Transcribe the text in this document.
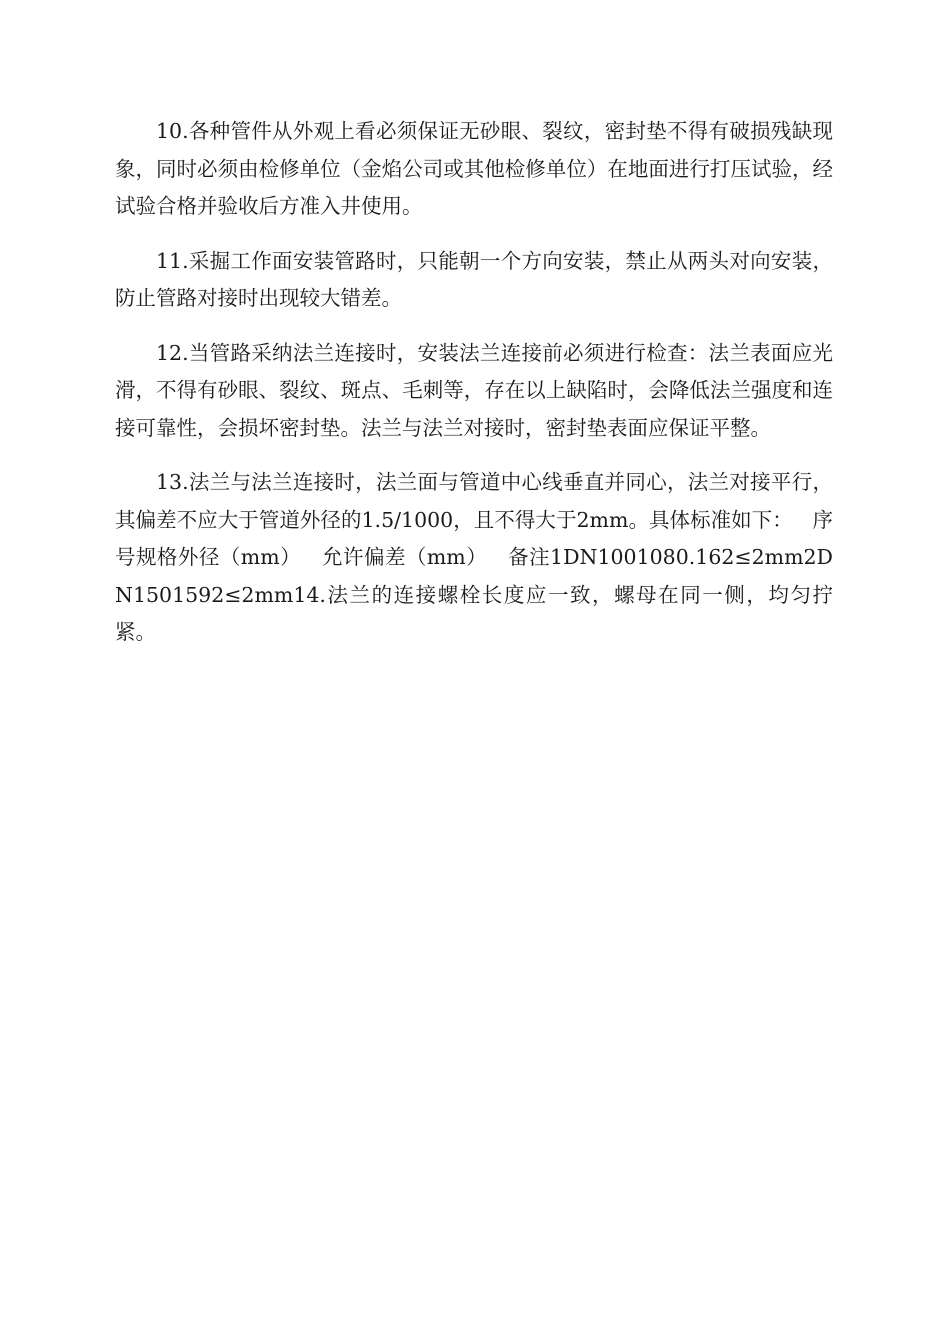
10.各种管件从外观上看必须保证无砂眼、裂纹，密封垫不得有破损残缺现象，同时必须由检修单位（金焰公司或其他检修单位）在地面进行打压试验，经试验合格并验收后方准入井使用。

11.采掘工作面安装管路时，只能朝一个方向安装，禁止从两头对向安装，防止管路对接时出现较大错差。

12.当管路采纳法兰连接时，安装法兰连接前必须进行检查：法兰表面应光滑，不得有砂眼、裂纹、斑点、毛刺等，存在以上缺陷时，会降低法兰强度和连接可靠性，会损坏密封垫。法兰与法兰对接时，密封垫表面应保证平整。

13.法兰与法兰连接时，法兰面与管道中心线垂直并同心，法兰对接平行，其偏差不应大于管道外径的1.5/1000，且不得大于2mm。具体标准如下：   序号规格外径（mm）   允许偏差（mm）   备注1DN1001080.162≤2mm2DN1501592≤2mm14.法兰的连接螺栓长度应一致，螺母在同一侧，均匀拧紧。
